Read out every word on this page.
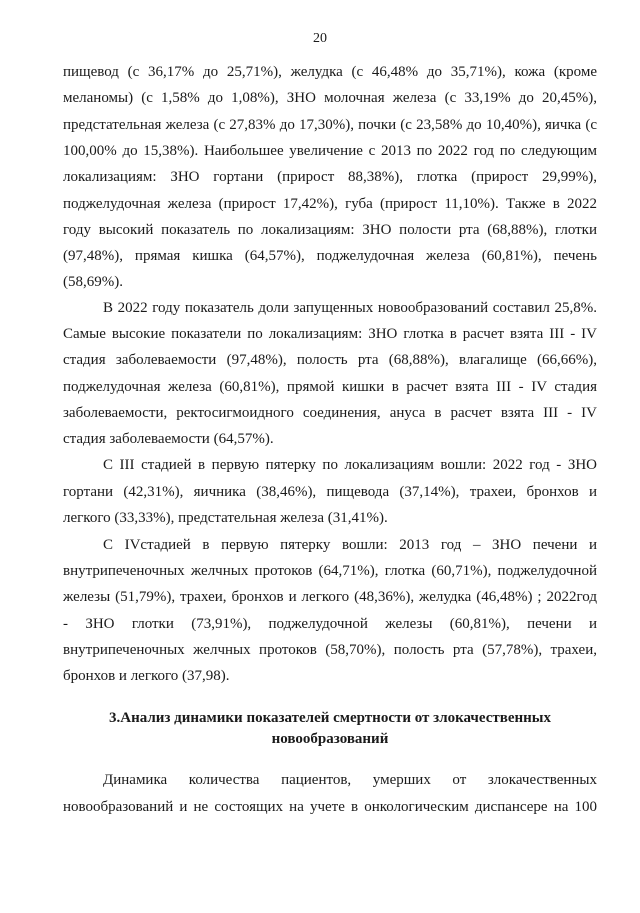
20
пищевод (с 36,17% до 25,71%), желудка (с 46,48% до 35,71%), кожа (кроме
меланомы) (с 1,58% до 1,08%), ЗНО молочная железа (с 33,19% до 20,45%),
предстательная железа (с 27,83% до 17,30%), почки (с 23,58% до 10,40%), яичка (с
100,00% до 15,38%). Наибольшее увеличение с 2013 по 2022 год по следующим
локализациям: ЗНО гортани (прирост 88,38%), глотка (прирост 29,99%),
поджелудочная железа (прирост 17,42%), губа (прирост 11,10%). Также в 2022
году высокий показатель по локализациям: ЗНО полости рта (68,88%), глотки
(97,48%), прямая кишка (64,57%), поджелудочная железа (60,81%), печень
(58,69%).
В 2022 году показатель доли запущенных новообразований составил 25,8%.
Самые высокие показатели по локализациям: ЗНО глотка в расчет взята III - IV
стадия заболеваемости (97,48%), полость рта (68,88%), влагалище (66,66%),
поджелудочная железа (60,81%), прямой кишки в расчет взята III - IV стадия
заболеваемости, ректосигмоидного соединения, ануса в расчет взята III - IV
стадия заболеваемости (64,57%).
С III стадией в первую пятерку по локализациям вошли: 2022 год - ЗНО
гортани (42,31%), яичника (38,46%), пищевода (37,14%), трахеи, бронхов и
легкого (33,33%), предстательная железа (31,41%).
С IVстадией в первую пятерку вошли: 2013 год – ЗНО печени и
внутрипеченочных желчных протоков (64,71%), глотка (60,71%), поджелудочной
железы (51,79%), трахеи, бронхов и легкого (48,36%), желудка (46,48%) ; 2022год
- ЗНО глотки (73,91%), поджелудочной железы (60,81%), печени и
внутрипеченочных желчных протоков (58,70%), полость рта (57,78%), трахеи,
бронхов и легкого (37,98).
3.Анализ динамики показателей смертности от злокачественных
новообразований
Динамика количества пациентов, умерших от злокачественных
новообразований и не состоящих на учете в онкологическим диспансере на 100
